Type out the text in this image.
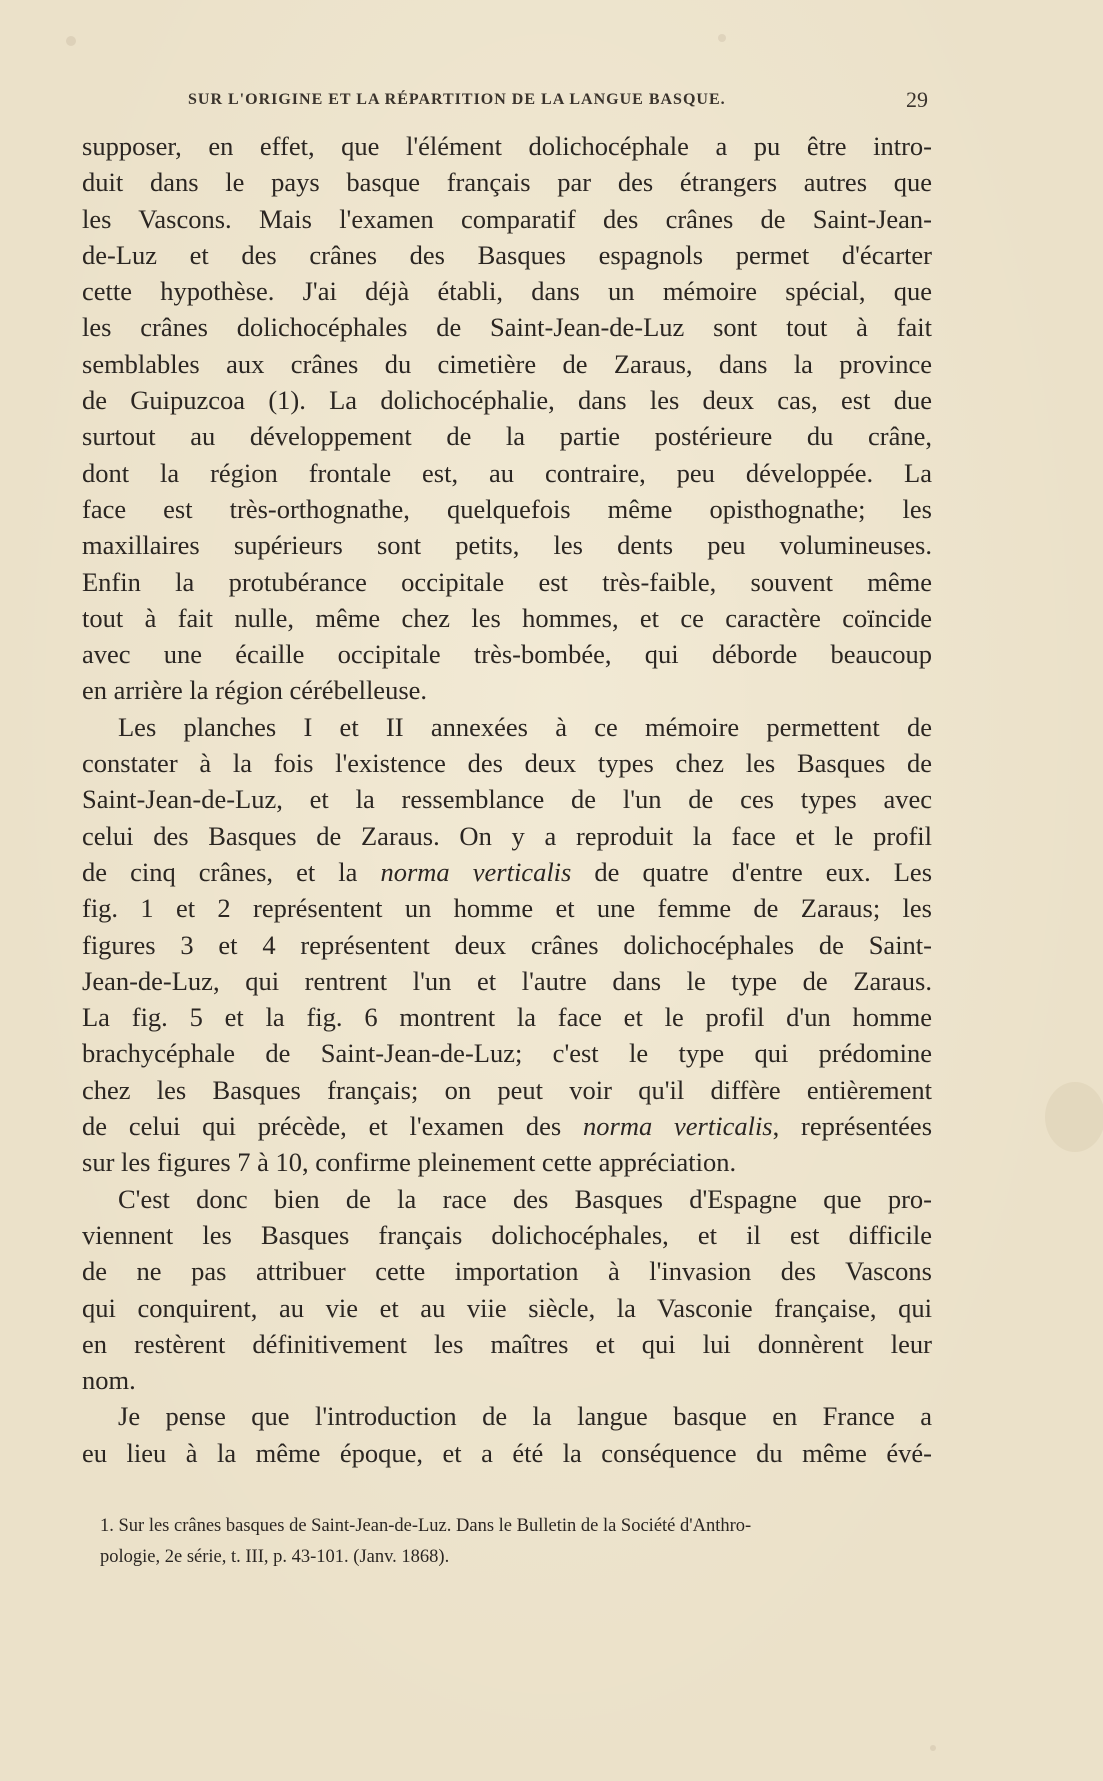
SUR L'ORIGINE ET LA RÉPARTITION DE LA LANGUE BASQUE.	29
supposer, en effet, que l'élément dolichocéphale a pu être intro-
duit dans le pays basque français par des étrangers autres que
les Vascons. Mais l'examen comparatif des crânes de Saint-Jean-
de-Luz et des crânes des Basques espagnols permet d'écarter
cette hypothèse. J'ai déjà établi, dans un mémoire spécial, que
les crânes dolichocéphales de Saint-Jean-de-Luz sont tout à fait
semblables aux crânes du cimetière de Zaraus, dans la province
de Guipuzcoa (1). La dolichocéphalie, dans les deux cas, est due
surtout au développement de la partie postérieure du crâne,
dont la région frontale est, au contraire, peu développée. La
face est très-orthognathe, quelquefois même opisthognathe; les
maxillaires supérieurs sont petits, les dents peu volumineuses.
Enfin la protubérance occipitale est très-faible, souvent même
tout à fait nulle, même chez les hommes, et ce caractère coïncide
avec une écaille occipitale très-bombée, qui déborde beaucoup
en arrière la région cérébelleuse.
Les planches I et II annexées à ce mémoire permettent de
constater à la fois l'existence des deux types chez les Basques de
Saint-Jean-de-Luz, et la ressemblance de l'un de ces types avec
celui des Basques de Zaraus. On y a reproduit la face et le profil
de cinq crânes, et la norma verticalis de quatre d'entre eux. Les
fig. 1 et 2 représentent un homme et une femme de Zaraus; les
figures 3 et 4 représentent deux crânes dolichocéphales de Saint-
Jean-de-Luz, qui rentrent l'un et l'autre dans le type de Zaraus.
La fig. 5 et la fig. 6 montrent la face et le profil d'un homme
brachycéphale de Saint-Jean-de-Luz; c'est le type qui prédomine
chez les Basques français; on peut voir qu'il diffère entièrement
de celui qui précède, et l'examen des norma verticalis, représentées
sur les figures 7 à 10, confirme pleinement cette appréciation.
C'est donc bien de la race des Basques d'Espagne que pro-
viennent les Basques français dolichocéphales, et il est difficile
de ne pas attribuer cette importation à l'invasion des Vascons
qui conquirent, au vie et au viie siècle, la Vasconie française, qui
en restèrent définitivement les maîtres et qui lui donnèrent leur
nom.
Je pense que l'introduction de la langue basque en France a
eu lieu à la même époque, et a été la conséquence du même évé-
1. Sur les crânes basques de Saint-Jean-de-Luz. Dans le Bulletin de la Société d'Anthro-
pologie, 2e série, t. III, p. 43-101. (Janv. 1868).
